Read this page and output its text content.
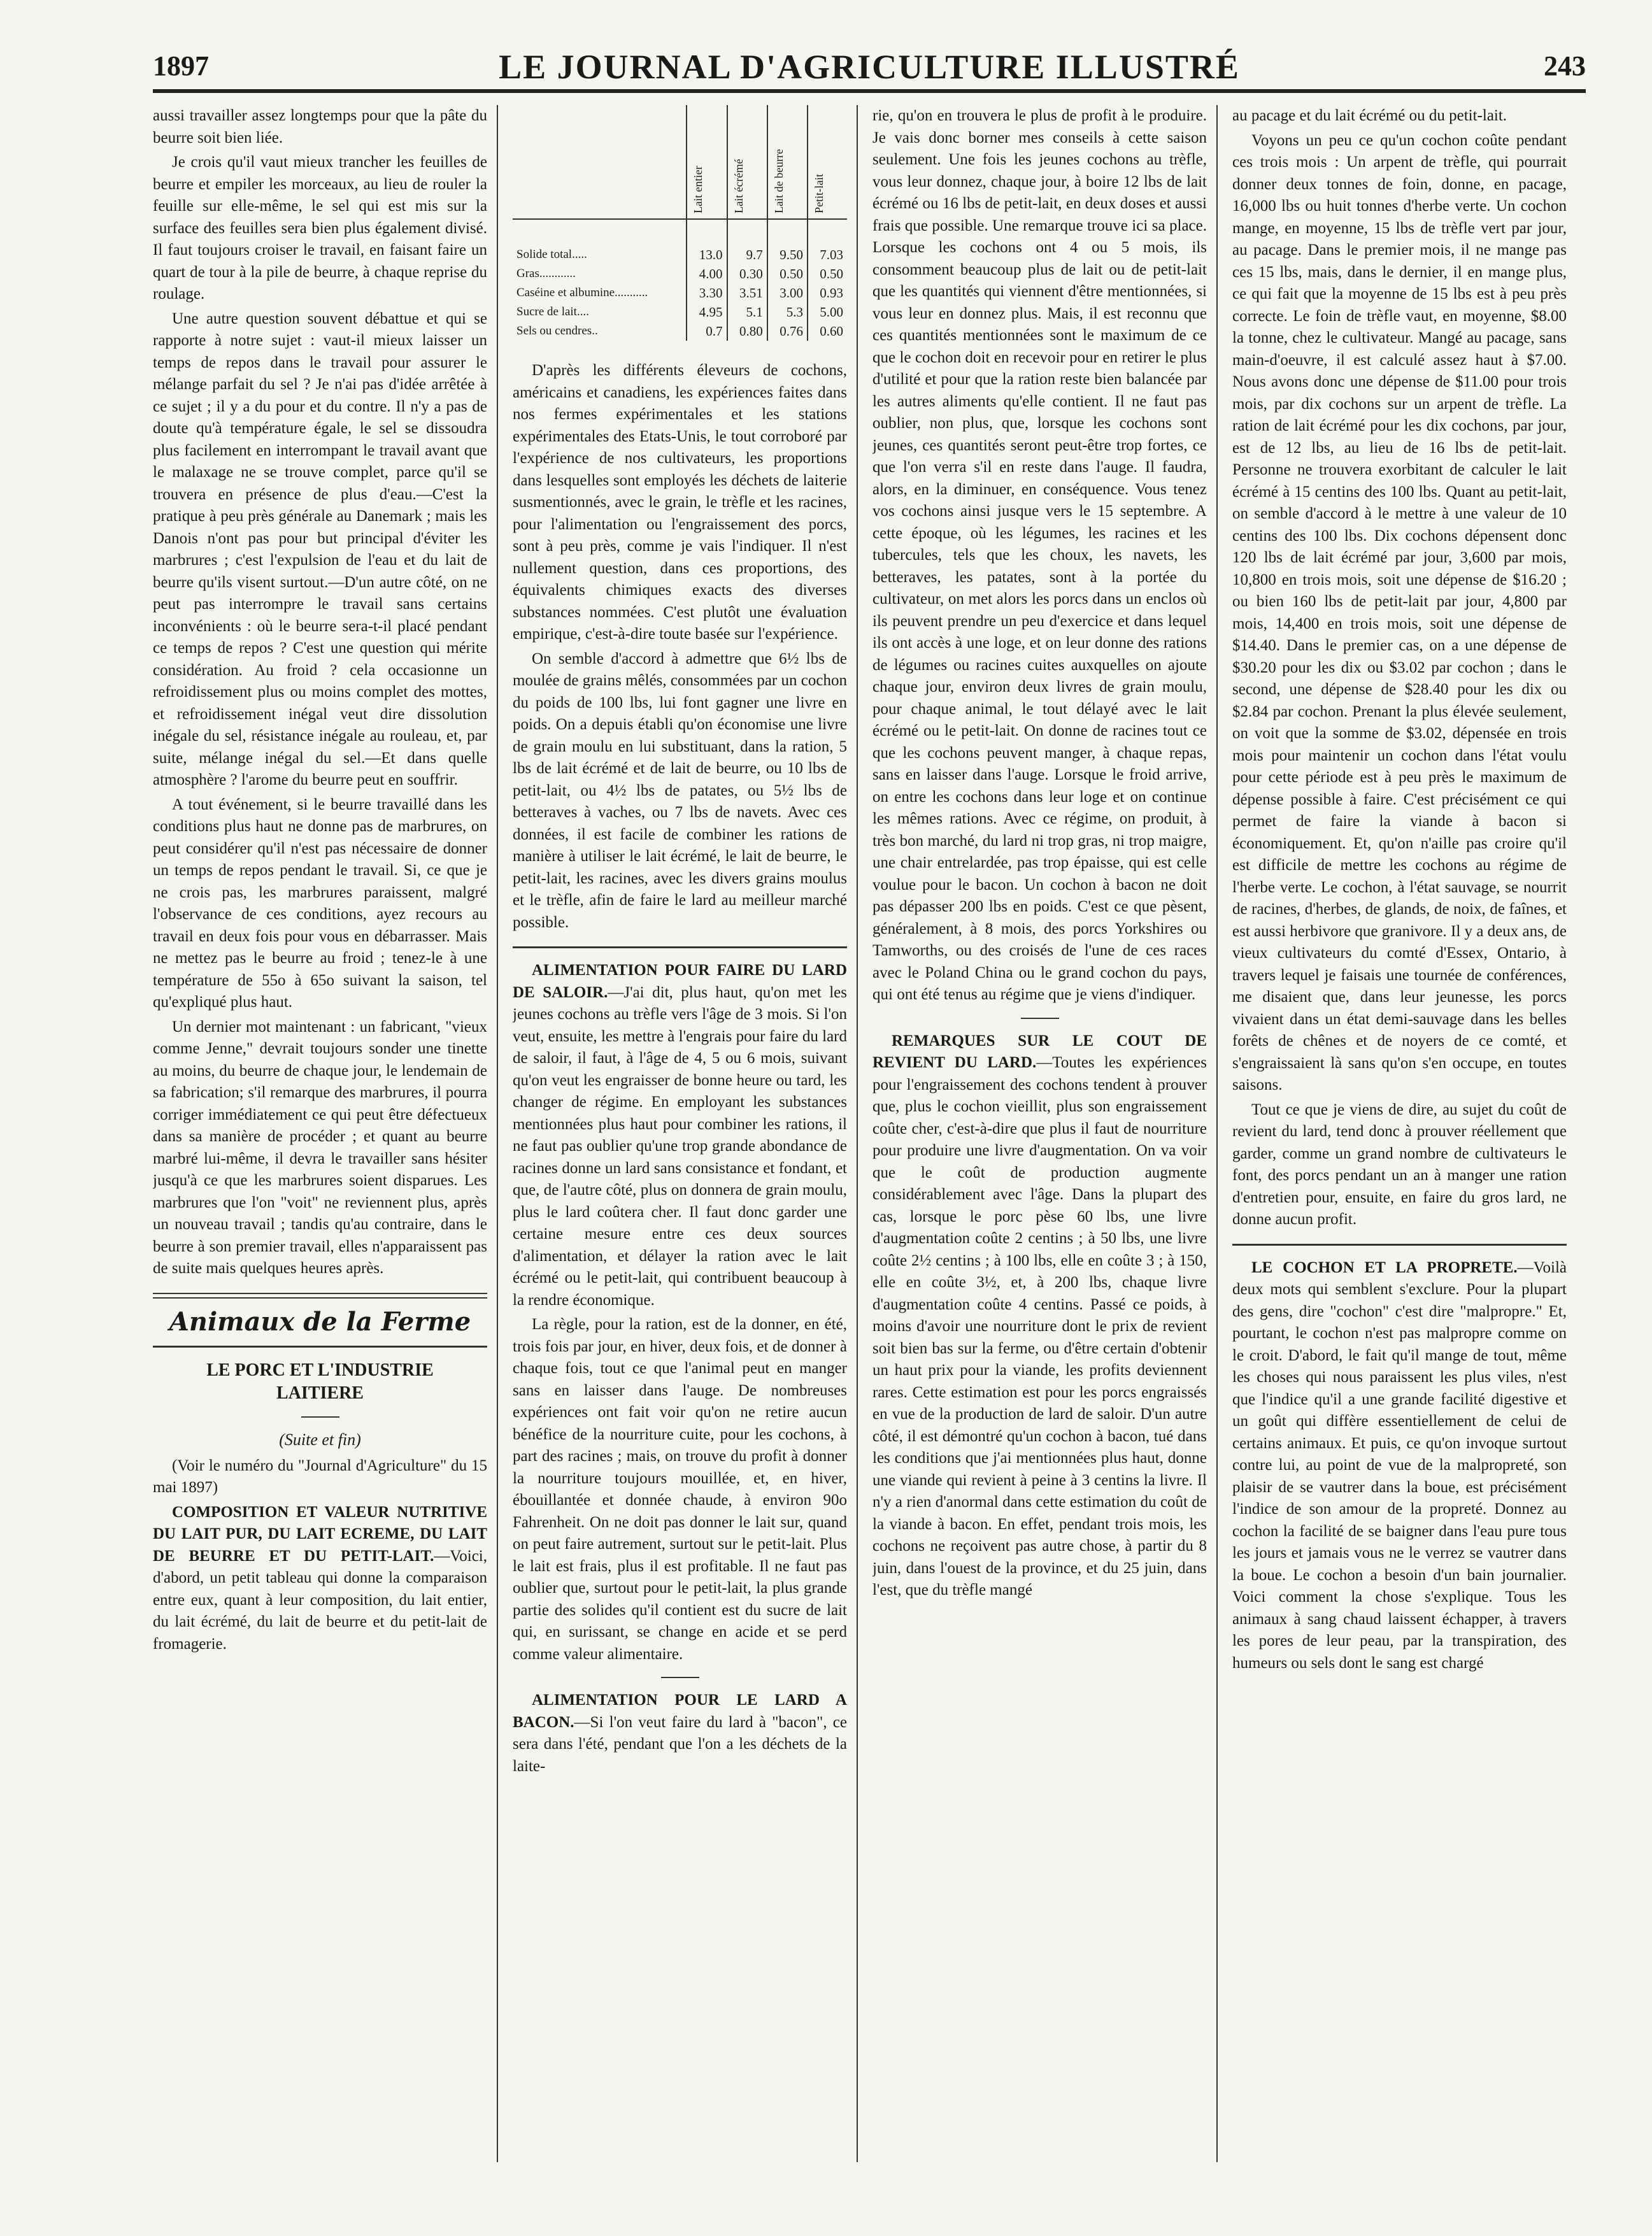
1897	LE JOURNAL D'AGRICULTURE ILLUSTRÉ	243

aussi travailler assez longtemps pour que la pâte du beurre soit bien liée.

Je crois qu'il vaut mieux trancher les feuilles de beurre et empiler les morceaux, au lieu de rouler la feuille sur elle-même, le sel qui est mis sur la surface des feuilles sera bien plus également divisé. Il faut toujours croiser le travail, en faisant faire un quart de tour à la pile de beurre, à chaque reprise du roulage.

Une autre question souvent débattue et qui se rapporte à notre sujet : vaut-il mieux laisser un temps de repos dans le travail pour assurer le mélange parfait du sel ? Je n'ai pas d'idée arrêtée à ce sujet ; il y a du pour et du contre. Il n'y a pas de doute qu'à température égale, le sel se dissoudra plus facilement en interrompant le travail avant que le malaxage ne se trouve complet, parce qu'il se trouvera en présence de plus d'eau.—C'est la pratique à peu près générale au Danemark ; mais les Danois n'ont pas pour but principal d'éviter les marbrures ; c'est l'expulsion de l'eau et du lait de beurre qu'ils visent surtout.—D'un autre côté, on ne peut pas interrompre le travail sans certains inconvénients : où le beurre sera-t-il placé pendant ce temps de repos ? C'est une question qui mérite considération. Au froid ? cela occasionne un refroidissement plus ou moins complet des mottes, et refroidissement inégal veut dire dissolution inégale du sel, résistance inégale au rouleau, et, par suite, mélange inégal du sel.—Et dans quelle atmosphère ? l'arome du beurre peut en souffrir.

A tout événement, si le beurre travaillé dans les conditions plus haut ne donne pas de marbrures, on peut considérer qu'il n'est pas nécessaire de donner un temps de repos pendant le travail. Si, ce que je ne crois pas, les marbrures paraissent, malgré l'observance de ces conditions, ayez recours au travail en deux fois pour vous en débarrasser. Mais ne mettez pas le beurre au froid ; tenez-le à une température de 55o à 65o suivant la saison, tel qu'expliqué plus haut.

Un dernier mot maintenant : un fabricant, "vieux comme Jenne," devrait toujours sonder une tinette au moins, du beurre de chaque jour, le lendemain de sa fabrication; s'il remarque des marbrures, il pourra corriger immédiatement ce qui peut être défectueux dans sa manière de procéder ; et quant au beurre marbré lui-même, il devra le travailler sans hésiter jusqu'à ce que les marbrures soient disparues. Les marbrures que l'on "voit" ne reviennent plus, après un nouveau travail ; tandis qu'au contraire, dans le beurre à son premier travail, elles n'apparaissent pas de suite mais quelques heures après.

Animaux de la Ferme
LE PORC ET L'INDUSTRIE LAITIERE
(Suite et fin)

(Voir le numéro du "Journal d'Agriculture" du 15 mai 1897)

COMPOSITION ET VALEUR NUTRITIVE DU LAIT PUR, DU LAIT ECREME, DU LAIT DE BEURRE ET DU PETIT-LAIT.—Voici, d'abord, un petit tableau qui donne la comparaison entre eux, quant à leur composition, du lait entier, du lait écrémé, du lait de beurre et du petit-lait de fromagerie.

	Lait entier	Lait écrémé	Lait de beurre	Petit-lait
Solide total.....	13.0	9.7	9.50	7.03
Gras............	4.00	0.30	0.50	0.50
Caséine et albumine...........	3.30	3.51	3.00	0.93
Sucre de lait....	4.95	5.1	5.3	5.00
Sels ou cendres..	0.7	0.80	0.76	0.60

D'après les différents éleveurs de cochons, américains et canadiens, les expériences faites dans nos fermes expérimentales et les stations expérimentales des Etats-Unis, le tout corroboré par l'expérience de nos cultivateurs, les proportions dans lesquelles sont employés les déchets de laiterie susmentionnés, avec le grain, le trèfle et les racines, pour l'alimentation ou l'engraissement des porcs, sont à peu près, comme je vais l'indiquer. Il n'est nullement question, dans ces proportions, des équivalents chimiques exacts des diverses substances nommées. C'est plutôt une évaluation empirique, c'est-à-dire toute basée sur l'expérience.

On semble d'accord à admettre que 6½ lbs de moulée de grains mêlés, consommées par un cochon du poids de 100 lbs, lui font gagner une livre en poids. On a depuis établi qu'on économise une livre de grain moulu en lui substituant, dans la ration, 5 lbs de lait écrémé et de lait de beurre, ou 10 lbs de petit-lait, ou 4½ lbs de patates, ou 5½ lbs de betteraves à vaches, ou 7 lbs de navets. Avec ces données, il est facile de combiner les rations de manière à utiliser le lait écrémé, le lait de beurre, le petit-lait, les racines, avec les divers grains moulus et le trèfle, afin de faire le lard au meilleur marché possible.

ALIMENTATION POUR FAIRE DU LARD DE SALOIR.—J'ai dit, plus haut, qu'on met les jeunes cochons au trèfle vers l'âge de 3 mois. Si l'on veut, ensuite, les mettre à l'engrais pour faire du lard de saloir, il faut, à l'âge de 4, 5 ou 6 mois, suivant qu'on veut les engraisser de bonne heure ou tard, les changer de régime. En employant les substances mentionnées plus haut pour combiner les rations, il ne faut pas oublier qu'une trop grande abondance de racines donne un lard sans consistance et fondant, et que, de l'autre côté, plus on donnera de grain moulu, plus le lard coûtera cher. Il faut donc garder une certaine mesure entre ces deux sources d'alimentation, et délayer la ration avec le lait écrémé ou le petit-lait, qui contribuent beaucoup à la rendre économique.

La règle, pour la ration, est de la donner, en été, trois fois par jour, en hiver, deux fois, et de donner à chaque fois, tout ce que l'animal peut en manger sans en laisser dans l'auge. De nombreuses expériences ont fait voir qu'on ne retire aucun bénéfice de la nourriture cuite, pour les cochons, à part des racines ; mais, on trouve du profit à donner la nourriture toujours mouillée, et, en hiver, ébouillantée et donnée chaude, à environ 90o Fahrenheit. On ne doit pas donner le lait sur, quand on peut faire autrement, surtout sur le petit-lait. Plus le lait est frais, plus il est profitable. Il ne faut pas oublier que, surtout pour le petit-lait, la plus grande partie des solides qu'il contient est du sucre de lait qui, en surissant, se change en acide et se perd comme valeur alimentaire.

ALIMENTATION POUR LE LARD A BACON.—Si l'on veut faire du lard à "bacon", ce sera dans l'été, pendant que l'on a les déchets de la laite-

rie, qu'on en trouvera le plus de profit à le produire. Je vais donc borner mes conseils à cette saison seulement. Une fois les jeunes cochons au trèfle, vous leur donnez, chaque jour, à boire 12 lbs de lait écrémé ou 16 lbs de petit-lait, en deux doses et aussi frais que possible. Une remarque trouve ici sa place. Lorsque les cochons ont 4 ou 5 mois, ils consomment beaucoup plus de lait ou de petit-lait que les quantités qui viennent d'être mentionnées, si vous leur en donnez plus. Mais, il est reconnu que ces quantités mentionnées sont le maximum de ce que le cochon doit en recevoir pour en retirer le plus d'utilité et pour que la ration reste bien balancée par les autres aliments qu'elle contient. Il ne faut pas oublier, non plus, que, lorsque les cochons sont jeunes, ces quantités seront peut-être trop fortes, ce que l'on verra s'il en reste dans l'auge. Il faudra, alors, en la diminuer, en conséquence. Vous tenez vos cochons ainsi jusque vers le 15 septembre. A cette époque, où les légumes, les racines et les tubercules, tels que les choux, les navets, les betteraves, les patates, sont à la portée du cultivateur, on met alors les porcs dans un enclos où ils peuvent prendre un peu d'exercice et dans lequel ils ont accès à une loge, et on leur donne des rations de légumes ou racines cuites auxquelles on ajoute chaque jour, environ deux livres de grain moulu, pour chaque animal, le tout délayé avec le lait écrémé ou le petit-lait. On donne de racines tout ce que les cochons peuvent manger, à chaque repas, sans en laisser dans l'auge. Lorsque le froid arrive, on entre les cochons dans leur loge et on continue les mêmes rations. Avec ce régime, on produit, à très bon marché, du lard ni trop gras, ni trop maigre, une chair entrelardée, pas trop épaisse, qui est celle voulue pour le bacon. Un cochon à bacon ne doit pas dépasser 200 lbs en poids. C'est ce que pèsent, généralement, à 8 mois, des porcs Yorkshires ou Tamworths, ou des croisés de l'une de ces races avec le Poland China ou le grand cochon du pays, qui ont été tenus au régime que je viens d'indiquer.

REMARQUES SUR LE COUT DE REVIENT DU LARD.—Toutes les expériences pour l'engraissement des cochons tendent à prouver que, plus le cochon vieillit, plus son engraissement coûte cher, c'est-à-dire que plus il faut de nourriture pour produire une livre d'augmentation. On va voir que le coût de production augmente considérablement avec l'âge. Dans la plupart des cas, lorsque le porc pèse 60 lbs, une livre d'augmentation coûte 2 centins ; à 50 lbs, une livre coûte 2½ centins ; à 100 lbs, elle en coûte 3 ; à 150, elle en coûte 3½, et, à 200 lbs, chaque livre d'augmentation coûte 4 centins. Passé ce poids, à moins d'avoir une nourriture dont le prix de revient soit bien bas sur la ferme, ou d'être certain d'obtenir un haut prix pour la viande, les profits deviennent rares. Cette estimation est pour les porcs engraissés en vue de la production de lard de saloir. D'un autre côté, il est démontré qu'un cochon à bacon, tué dans les conditions que j'ai mentionnées plus haut, donne une viande qui revient à peine à 3 centins la livre. Il n'y a rien d'anormal dans cette estimation du coût de la viande à bacon. En effet, pendant trois mois, les cochons ne reçoivent pas autre chose, à partir du 8 juin, dans l'ouest de la province, et du 25 juin, dans l'est, que du trèfle mangé

au pacage et du lait écrémé ou du petit-lait.

Voyons un peu ce qu'un cochon coûte pendant ces trois mois : Un arpent de trèfle, qui pourrait donner deux tonnes de foin, donne, en pacage, 16,000 lbs ou huit tonnes d'herbe verte. Un cochon mange, en moyenne, 15 lbs de trèfle vert par jour, au pacage. Dans le premier mois, il ne mange pas ces 15 lbs, mais, dans le dernier, il en mange plus, ce qui fait que la moyenne de 15 lbs est à peu près correcte. Le foin de trèfle vaut, en moyenne, $8.00 la tonne, chez le cultivateur. Mangé au pacage, sans main-d'oeuvre, il est calculé assez haut à $7.00. Nous avons donc une dépense de $11.00 pour trois mois, par dix cochons sur un arpent de trèfle. La ration de lait écrémé pour les dix cochons, par jour, est de 12 lbs, au lieu de 16 lbs de petit-lait. Personne ne trouvera exorbitant de calculer le lait écrémé à 15 centins des 100 lbs. Quant au petit-lait, on semble d'accord à le mettre à une valeur de 10 centins des 100 lbs. Dix cochons dépensent donc 120 lbs de lait écrémé par jour, 3,600 par mois, 10,800 en trois mois, soit une dépense de $16.20 ; ou bien 160 lbs de petit-lait par jour, 4,800 par mois, 14,400 en trois mois, soit une dépense de $14.40. Dans le premier cas, on a une dépense de $30.20 pour les dix ou $3.02 par cochon ; dans le second, une dépense de $28.40 pour les dix ou $2.84 par cochon. Prenant la plus élevée seulement, on voit que la somme de $3.02, dépensée en trois mois pour maintenir un cochon dans l'état voulu pour cette période est à peu près le maximum de dépense possible à faire. C'est précisément ce qui permet de faire la viande à bacon si économiquement. Et, qu'on n'aille pas croire qu'il est difficile de mettre les cochons au régime de l'herbe verte. Le cochon, à l'état sauvage, se nourrit de racines, d'herbes, de glands, de noix, de faînes, et est aussi herbivore que granivore. Il y a deux ans, de vieux cultivateurs du comté d'Essex, Ontario, à travers lequel je faisais une tournée de conférences, me disaient que, dans leur jeunesse, les porcs vivaient dans un état demi-sauvage dans les belles forêts de chênes et de noyers de ce comté, et s'engraissaient là sans qu'on s'en occupe, en toutes saisons.

Tout ce que je viens de dire, au sujet du coût de revient du lard, tend donc à prouver réellement que garder, comme un grand nombre de cultivateurs le font, des porcs pendant un an à manger une ration d'entretien pour, ensuite, en faire du gros lard, ne donne aucun profit.

LE COCHON ET LA PROPRETE.—Voilà deux mots qui semblent s'exclure. Pour la plupart des gens, dire "cochon" c'est dire "malpropre." Et, pourtant, le cochon n'est pas malpropre comme on le croit. D'abord, le fait qu'il mange de tout, même les choses qui nous paraissent les plus viles, n'est que l'indice qu'il a une grande facilité digestive et un goût qui diffère essentiellement de celui de certains animaux. Et puis, ce qu'on invoque surtout contre lui, au point de vue de la malpropreté, son plaisir de se vautrer dans la boue, est précisément l'indice de son amour de la propreté. Donnez au cochon la facilité de se baigner dans l'eau pure tous les jours et jamais vous ne le verrez se vautrer dans la boue. Le cochon a besoin d'un bain journalier. Voici comment la chose s'explique. Tous les animaux à sang chaud laissent échapper, à travers les pores de leur peau, par la transpiration, des humeurs ou sels dont le sang est chargé
